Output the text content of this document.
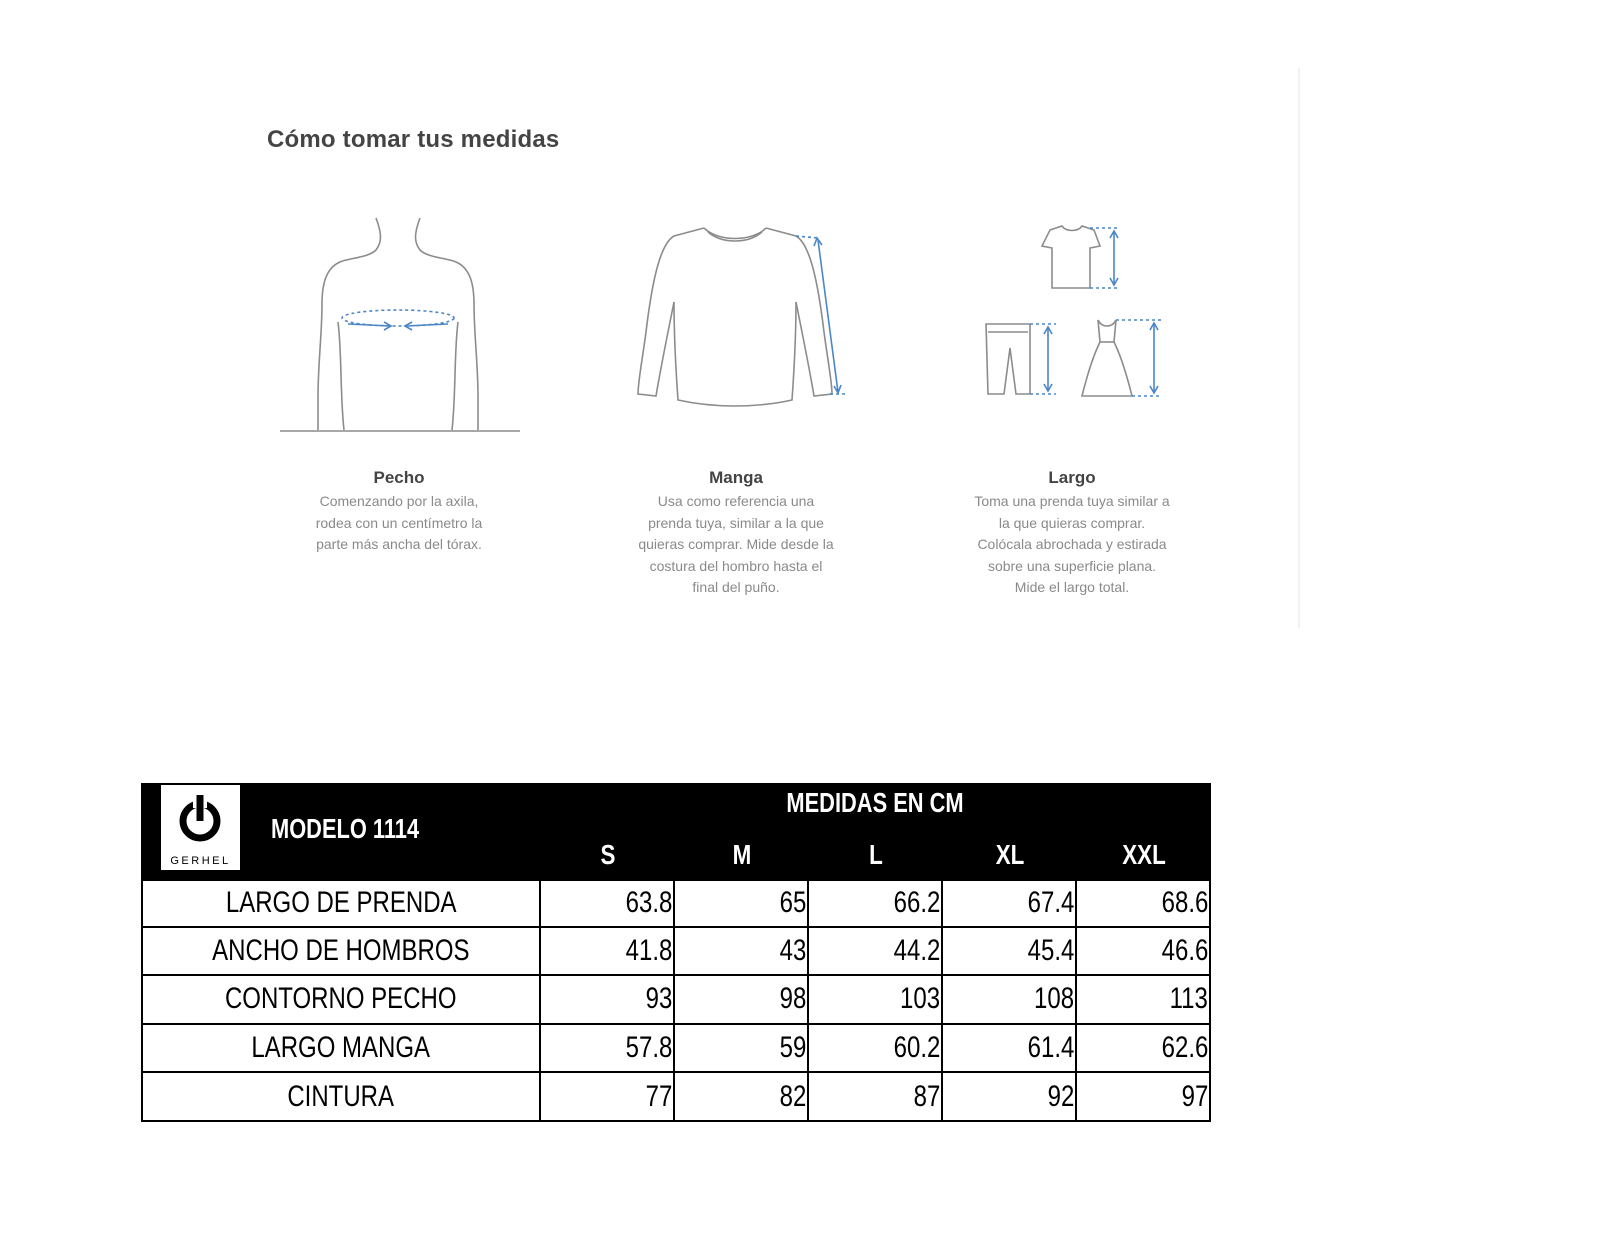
Cómo tomar tus medidas
Pecho
Comenzando por la axila,
rodea con un centímetro la
parte más ancha del tórax.
Manga
Usa como referencia una
prenda tuya, similar a la que
quieras comprar. Mide desde la
costura del hombro hasta el
final del puño.
Largo
Toma una prenda tuya similar a
la que quieras comprar.
Colócala abrochada y estirada
sobre una superficie plana.
Mide el largo total.
GERHEL
MODELO 1114
MEDIDAS EN CM
S	M	L	XL	XXL
LARGO DE PRENDA	63.8	65	66.2	67.4	68.6
ANCHO DE HOMBROS	41.8	43	44.2	45.4	46.6
CONTORNO PECHO	93	98	103	108	113
LARGO MANGA	57.8	59	60.2	61.4	62.6
CINTURA	77	82	87	92	97
